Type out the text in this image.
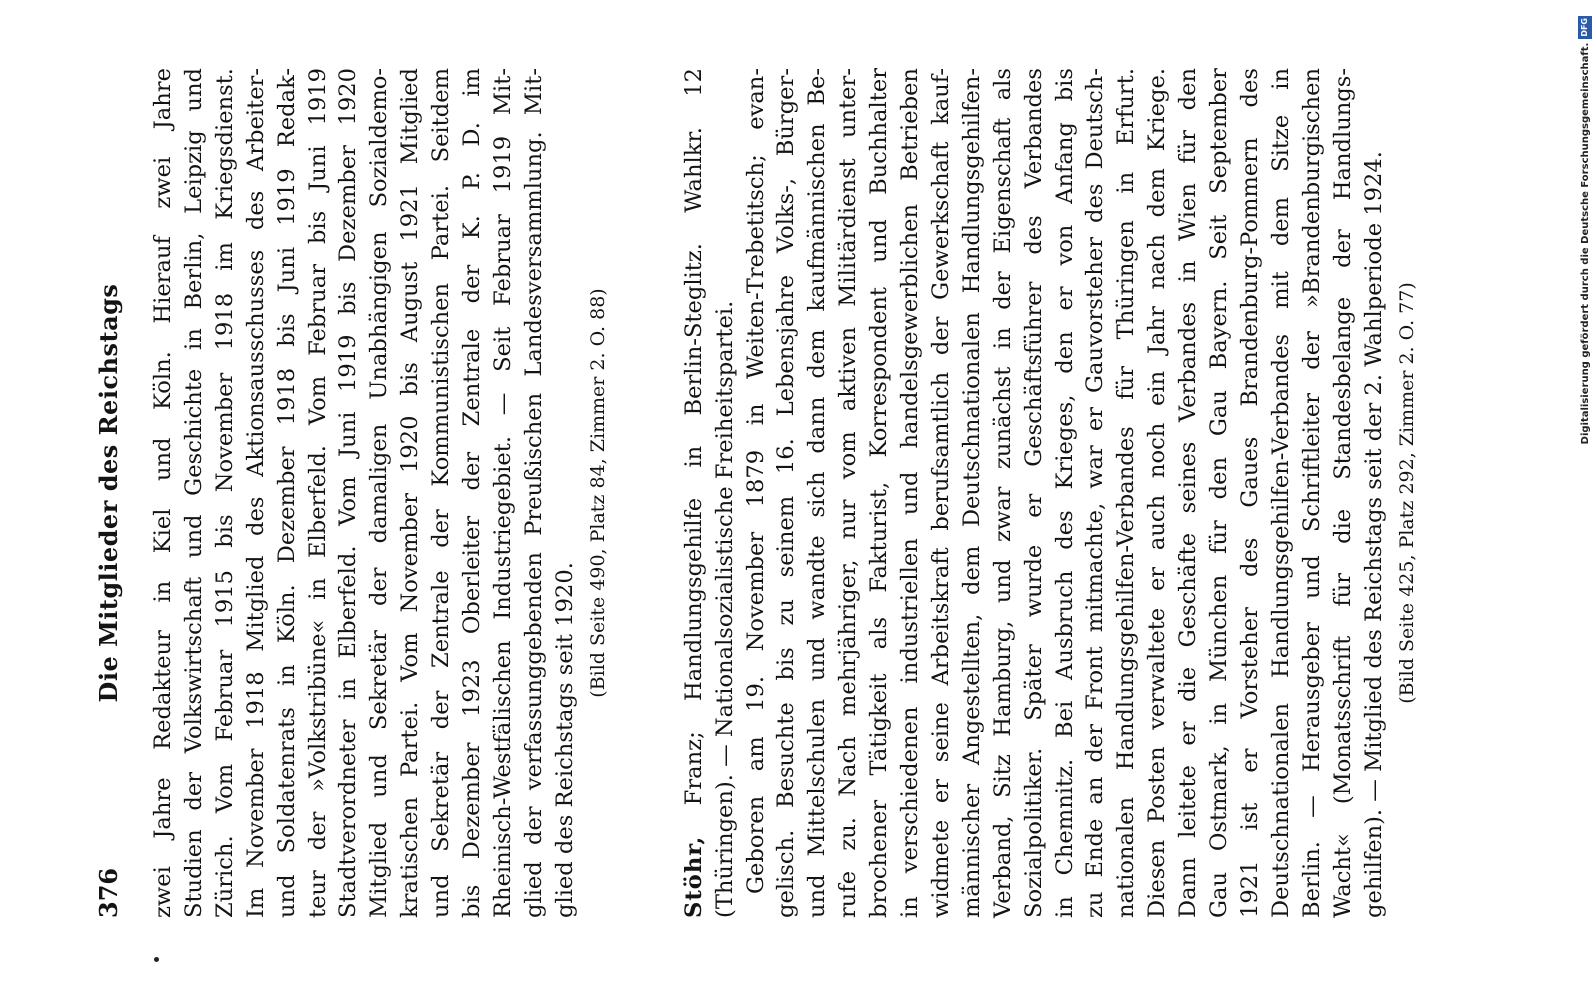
376
Die Mitglieder des Reichstags	zwei Jahre Redakteur in Kiel und Köln. Hierauf zwei Jahre Studien der Volkswirtschaft und Geschichte in Berlin, Leipzig und Zürich. Vom Februar 1915 bis November 1918 im Kriegsdienst. Im November 1918 Mitglied des Aktionsausschusses des Arbeiter- und Soldatenrats in Köln. Dezember 1918 bis Juni 1919 Redak- teur der »Volkstribüne« in Elberfeld. Vom Februar bis Juni 1919 Stadtverordneter in Elberfeld. Vom Juni 1919 bis Dezember 1920 Mitglied und Sekretär der damaligen Unabhängigen Sozialdemo- kratischen Partei. Vom November 1920 bis August 1921 Mitglied und Sekretär der Zentrale der Kommunistischen Partei. Seitdem bis Dezember 1923 Oberleiter der Zentrale der K. P. D. im Rheinisch-Westfälischen Industriegebiet. — Seit Februar 1919 Mit- glied der verfassunggebenden Preußischen Landesversammlung. Mit- glied des Reichstags seit 1920.
(Bild Seite 490, Platz 84, Zimmer 2. O. 88)
Stöhr, Franz; Handlungsgehilfe in Berlin-Steglitz. Wahlkr. 12 (Thüringen). — Nationalsozialistische Freiheitspartei. Geboren am 19. November 1879 in Weiten-Trebetitsch; evan- gelisch. Besuchte bis zu seinem 16. Lebensjahre Volks-, Bürger- und Mittelschulen und wandte sich dann dem kaufmännischen Be- rufe zu. Nach mehrjähriger, nur vom aktiven Militärdienst unter- brochener Tätigkeit als Fakturist, Korrespondent und Buchhalter in verschiedenen industriellen und handelsgewerblichen Betrieben widmete er seine Arbeitskraft berufsamtlich der Gewerkschaft kauf- männischer Angestellten, dem Deutschnationalen Handlungsgehilfen- Verband, Sitz Hamburg, und zwar zunächst in der Eigenschaft als Sozialpolitiker. Später wurde er Geschäftsführer des Verbandes in Chemnitz. Bei Ausbruch des Krieges, den er von Anfang bis zu Ende an der Front mitmachte, war er Gauvorsteher des Deutsch- nationalen Handlungsgehilfen-Verbandes für Thüringen in Erfurt. Diesen Posten verwaltete er auch noch ein Jahr nach dem Kriege. Dann leitete er die Geschäfte seines Verbandes in Wien für den Gau Ostmark, in München für den Gau Bayern. Seit September 1921 ist er Vorsteher des Gaues Brandenburg-Pommern des Deutschnationalen Handlungsgehilfen-Verbandes mit dem Sitze in Berlin. — Herausgeber und Schriftleiter der »Brandenburgischen Wacht« (Monatsschrift für die Standesbelange der Handlungs- gehilfen). — Mitglied des Reichstags seit der 2. Wahlperiode 1924. (Bild Seite 425, Platz 292, Zimmer 2. O. 77)
Digitalisierung gefördert durch die Deutsche Forschungsgemeinschaft.
DFG
